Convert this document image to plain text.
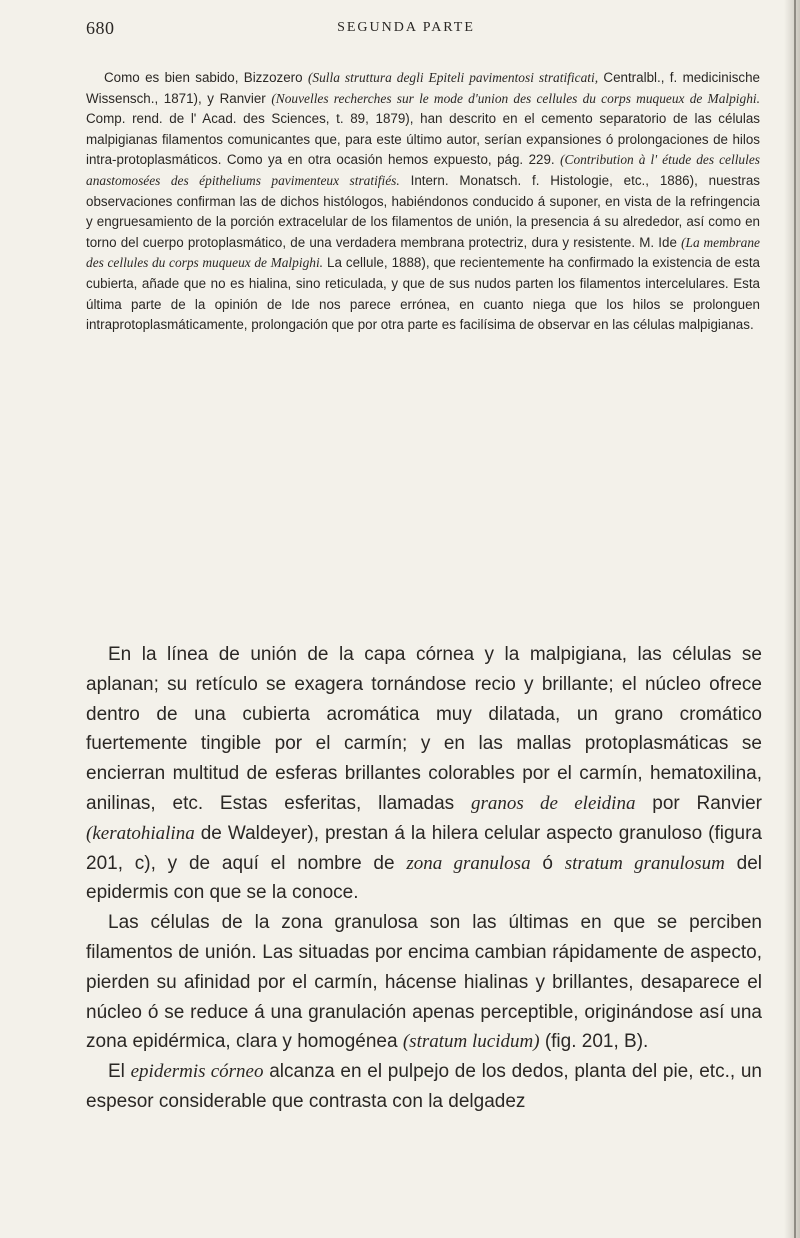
680	SEGUNDA PARTE

Como es bien sabido, Bizzozero (Sulla struttura degli Epiteli pavimentosi stratificati, Centralbl., f. medicinische Wissensch., 1871), y Ranvier (Nouvelles recherches sur le mode d'union des cellules du corps muqueux de Malpighi. Comp. rend. de l' Acad. des Sciences, t. 89, 1879), han descrito en el cemento separatorio de las células malpigianas filamentos comunicantes que, para este último autor, serían expansiones ó prolongaciones de hilos intra-protoplasmáticos. Como ya en otra ocasión hemos expuesto, pág. 229. (Contribution à l' étude des cellules anastomosées des épitheliums pavimenteux stratifiés. Intern. Monatsch. f. Histologie, etc., 1886), nuestras observaciones confirman las de dichos histólogos, habiéndonos conducido á suponer, en vista de la refringencia y engruesamiento de la porción extracelular de los filamentos de unión, la presencia á su alrededor, así como en torno del cuerpo protoplasmático, de una verdadera membrana protectriz, dura y resistente. M. Ide (La membrane des cellules du corps muqueux de Malpighi. La cellule, 1888), que recientemente ha confirmado la existencia de esta cubierta, añade que no es hialina, sino reticulada, y que de sus nudos parten los filamentos intercelulares. Esta última parte de la opinión de Ide nos parece errónea, en cuanto niega que los hilos se prolonguen intraprotoplasmáticamente, prolongación que por otra parte es facilísima de observar en las células malpigianas.

En la línea de unión de la capa córnea y la malpigiana, las células se aplanan; su retículo se exagera tornándose recio y brillante; el núcleo ofrece dentro de una cubierta acromática muy dilatada, un grano cromático fuertemente tingible por el carmín; y en las mallas protoplasmáticas se encierran multitud de esferas brillantes colorables por el carmín, hematoxilina, anilinas, etc. Estas esferitas, llamadas granos de eleidina por Ranvier (keratohialina de Waldeyer), prestan á la hilera celular aspecto granuloso (figura 201, c), y de aquí el nombre de zona granulosa ó stratum granulosum del epidermis con que se la conoce.

Las células de la zona granulosa son las últimas en que se perciben filamentos de unión. Las situadas por encima cambian rápidamente de aspecto, pierden su afinidad por el carmín, hácense hialinas y brillantes, desaparece el núcleo ó se reduce á una granulación apenas perceptible, originándose así una zona epidérmica, clara y homogénea (stratum lucidum) (fig. 201, B).

El epidermis córneo alcanza en el pulpejo de los dedos, planta del pie, etc., un espesor considerable que contrasta con la delgadez
